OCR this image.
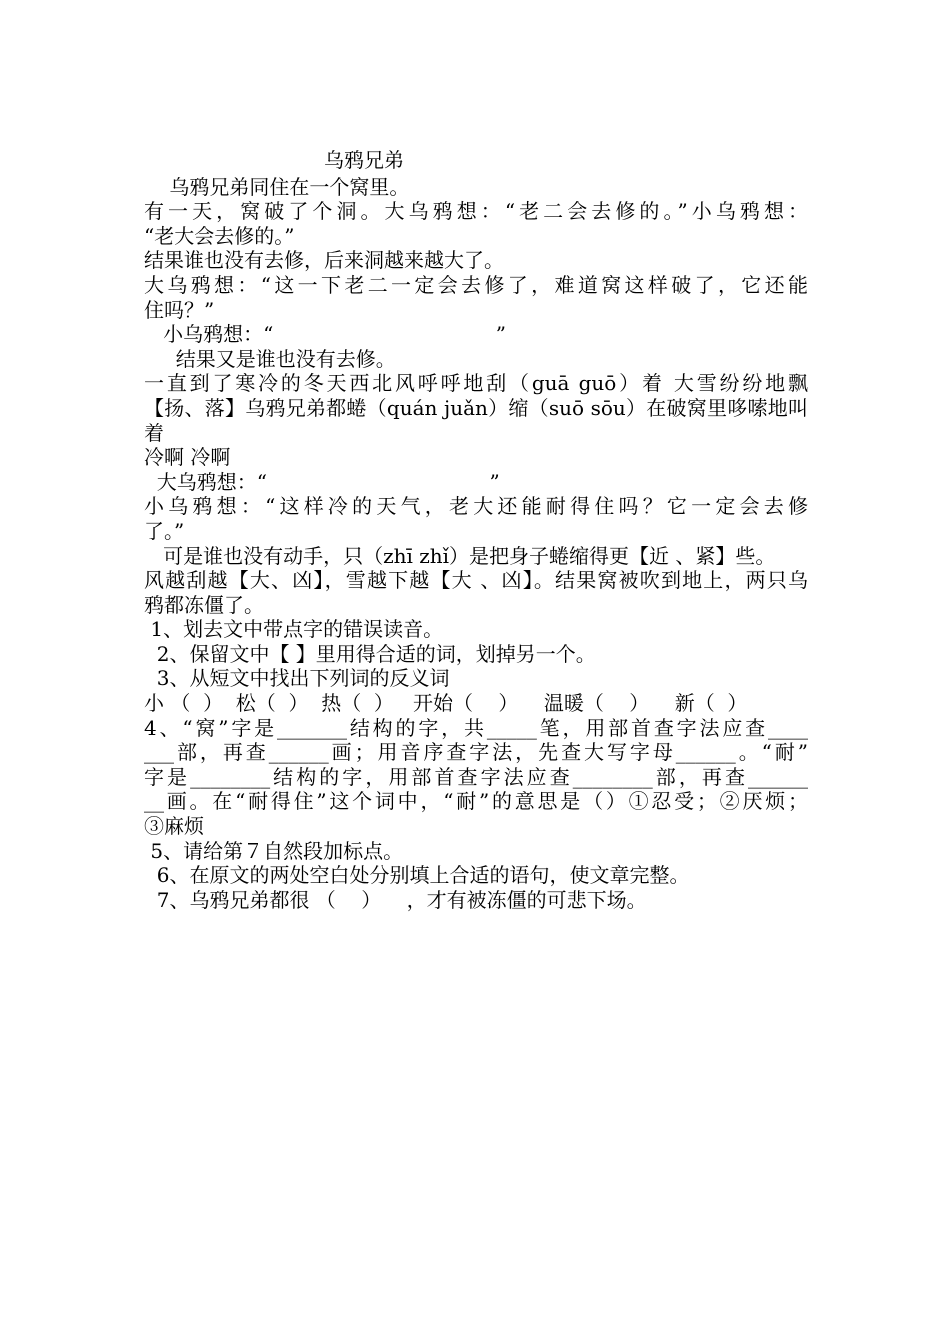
乌鸦兄弟
乌鸦兄弟同住在一个窝里。
有一天，窝破了个洞。大乌鸦想：“老二会去修的。”小乌鸦想：
“老大会去修的。”
结果谁也没有去修，后来洞越来越大了。
大乌鸦想：“这一下老二一定会去修了，难道窝这样破了，它还能
住吗？”
小乌鸦想：“                                   ”
结果又是谁也没有去修。
一直到了寒冷的冬天西北风呼呼地刮（guā guō）着 大雪纷纷地飘
【扬、落】乌鸦兄弟都蜷（quán juǎn）缩（suō sōu）在破窝里哆嗦地叫着
冷啊 冷啊
大乌鸦想：“                                   ”
小乌鸦想：“这样冷的天气，老大还能耐得住吗？它一定会去修
了。”
可是谁也没有动手，只（zhī zhǐ）是把身子蜷缩得更【近 、紧】些。
风越刮越【大、凶】，雪越下越【大 、凶】。结果窝被吹到地上，两只乌
鸦都冻僵了。
1、划去文中带点字的错误读音。
2、保留文中【 】里用得合适的词，划掉另一个。
3、从短文中找出下列词的反义词
小 （  ）  松（  ）  热（  ）   开始（    ）    温暖（    ）    新（  ）
4、“窝”字是_______结构的字，共_____笔，用部首查字法应查____
___部，再查______画；用音序查字法，先查大写字母______。“耐”
字是________结构的字，用部首查字法应查________部，再查______
__画。在“耐得住”这个词中，“耐”的意思是（）①忍受；②厌烦；
③麻烦
5、请给第７自然段加标点。
6、在原文的两处空白处分别填上合适的语句，使文章完整。
7、乌鸦兄弟都很 （    ）    ，才有被冻僵的可悲下场。
